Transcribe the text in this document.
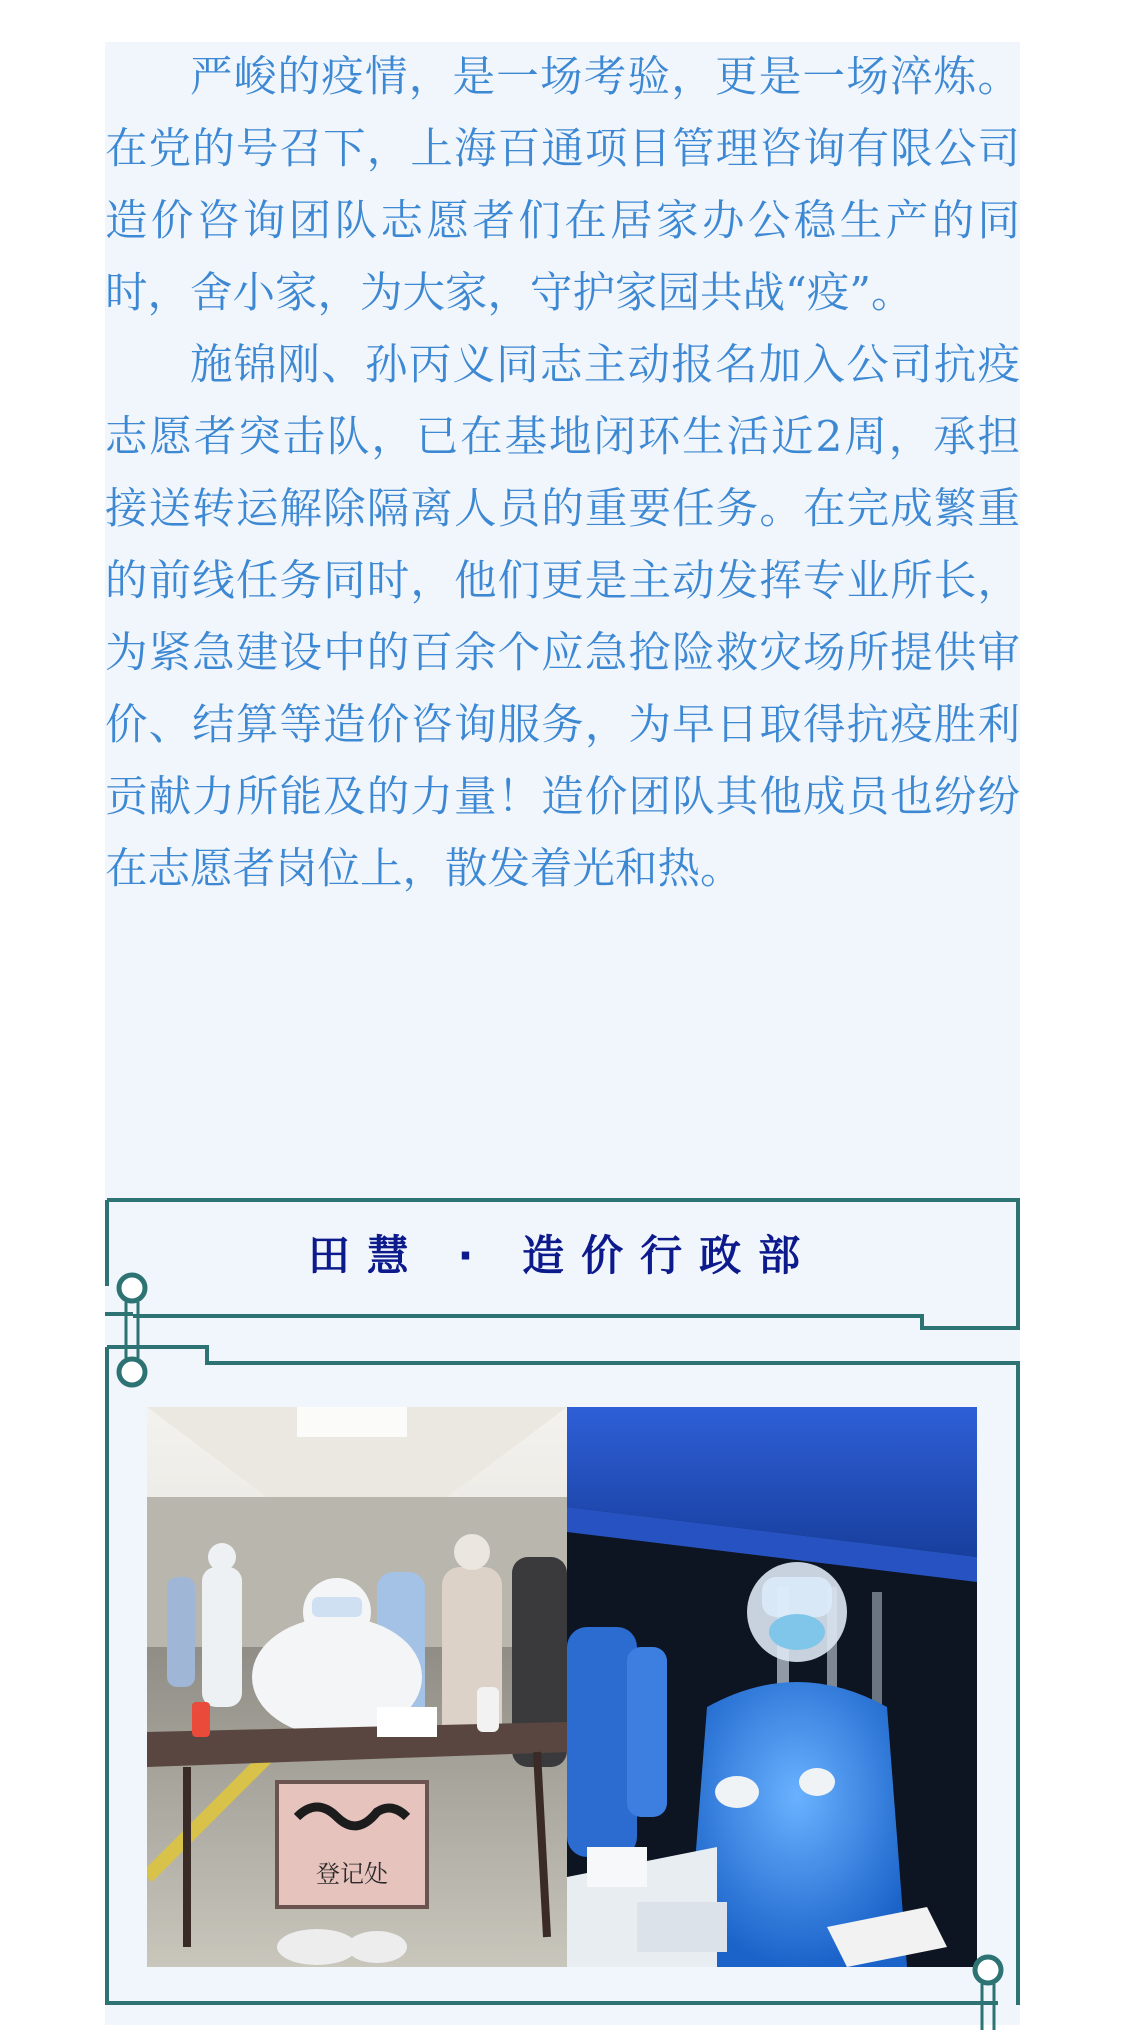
严峻的疫情，是一场考验，更是一场淬炼。在党的号召下，上海百通项目管理咨询有限公司造价咨询团队志愿者们在居家办公稳生产的同时，舍小家，为大家，守护家园共战“疫”。

施锦刚、孙丙义同志主动报名加入公司抗疫志愿者突击队，已在基地闭环生活近2周，承担接送转运解除隔离人员的重要任务。在完成繁重的前线任务同时，他们更是主动发挥专业所长，为紧急建设中的百余个应急抢险救灾场所提供审价、结算等造价咨询服务，为早日取得抗疫胜利贡献力所能及的力量！造价团队其他成员也纷纷在志愿者岗位上，散发着光和热。

田慧 · 造价行政部
登记处
